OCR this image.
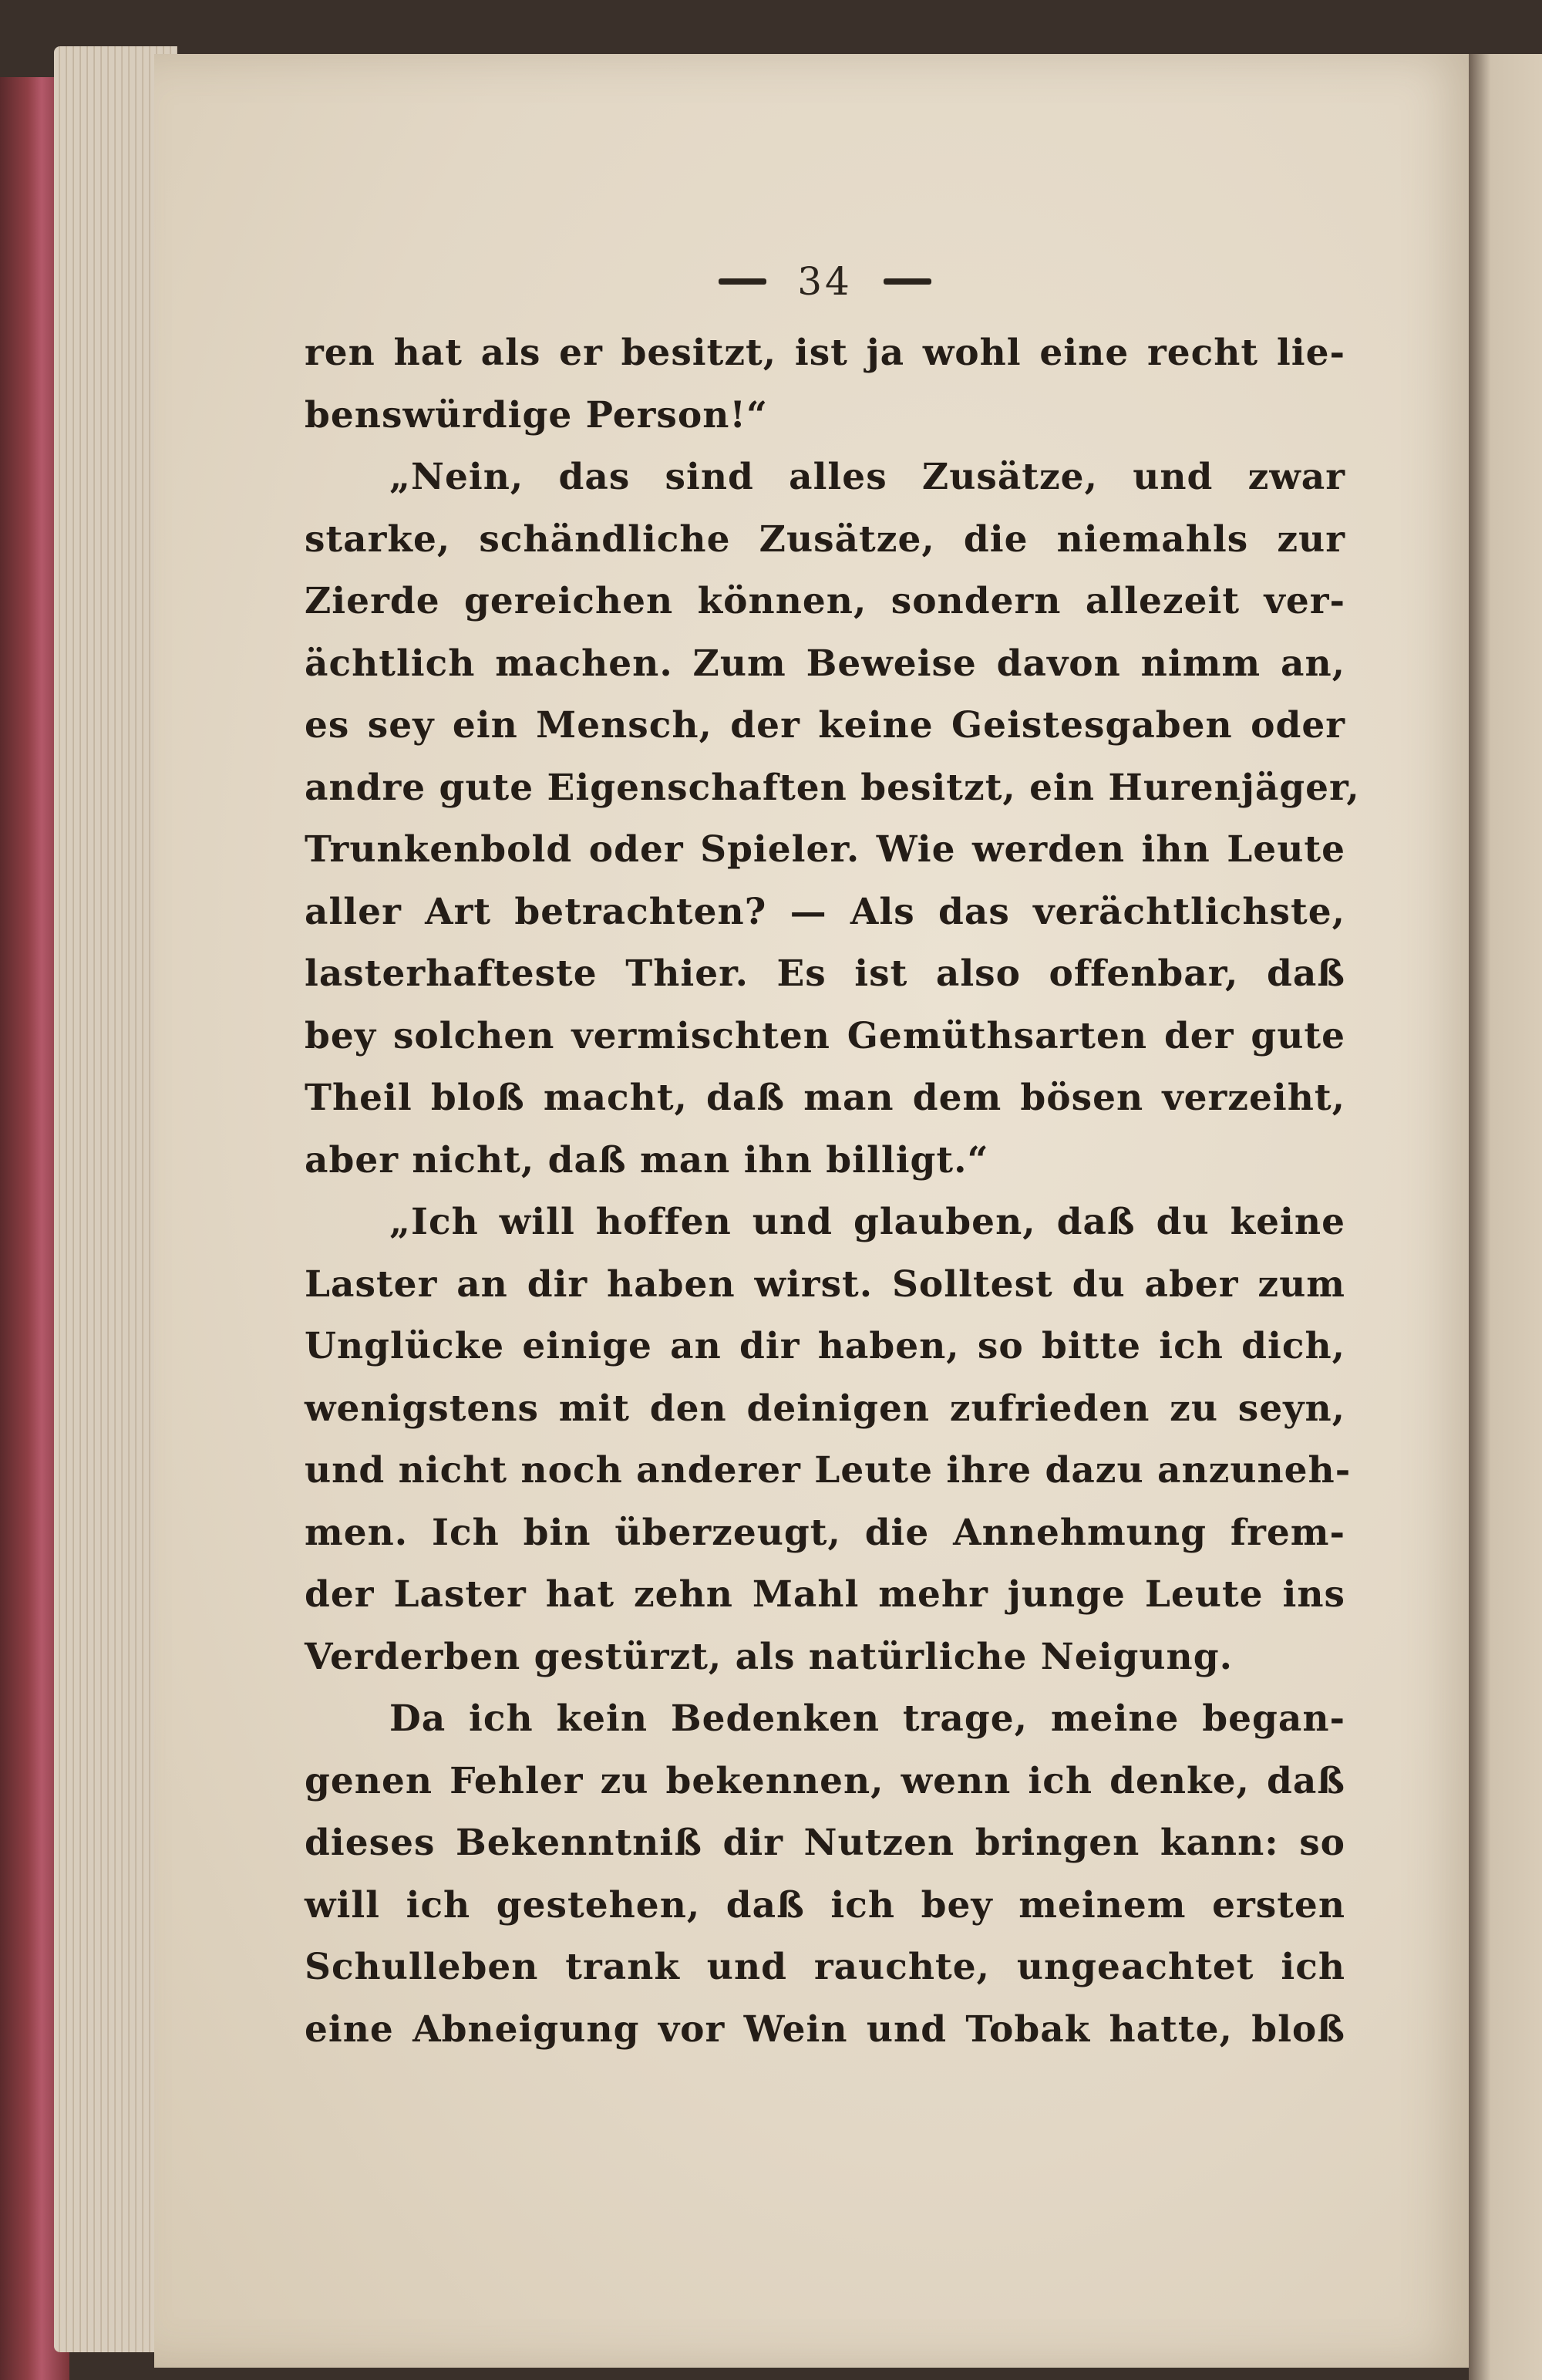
34
ren hat als er besitzt, ist ja wohl eine recht lie-
benswürdige Person!“
„Nein, das sind alles Zusätze, und zwar
starke, schändliche Zusätze, die niemahls zur
Zierde gereichen können, sondern allezeit ver-
ächtlich machen. Zum Beweise davon nimm an,
es sey ein Mensch, der keine Geistesgaben oder
andre gute Eigenschaften besitzt, ein Hurenjäger,
Trunkenbold oder Spieler. Wie werden ihn Leute
aller Art betrachten? — Als das verächtlichste,
lasterhafteste Thier. Es ist also offenbar, daß
bey solchen vermischten Gemüthsarten der gute
Theil bloß macht, daß man dem bösen verzeiht,
aber nicht, daß man ihn billigt.“
„Ich will hoffen und glauben, daß du keine
Laster an dir haben wirst. Solltest du aber zum
Unglücke einige an dir haben, so bitte ich dich,
wenigstens mit den deinigen zufrieden zu seyn,
und nicht noch anderer Leute ihre dazu anzuneh-
men. Ich bin überzeugt, die Annehmung frem-
der Laster hat zehn Mahl mehr junge Leute ins
Verderben gestürzt, als natürliche Neigung.
Da ich kein Bedenken trage, meine began-
genen Fehler zu bekennen, wenn ich denke, daß
dieses Bekenntniß dir Nutzen bringen kann: so
will ich gestehen, daß ich bey meinem ersten
Schulleben trank und rauchte, ungeachtet ich
eine Abneigung vor Wein und Tobak hatte, bloß
